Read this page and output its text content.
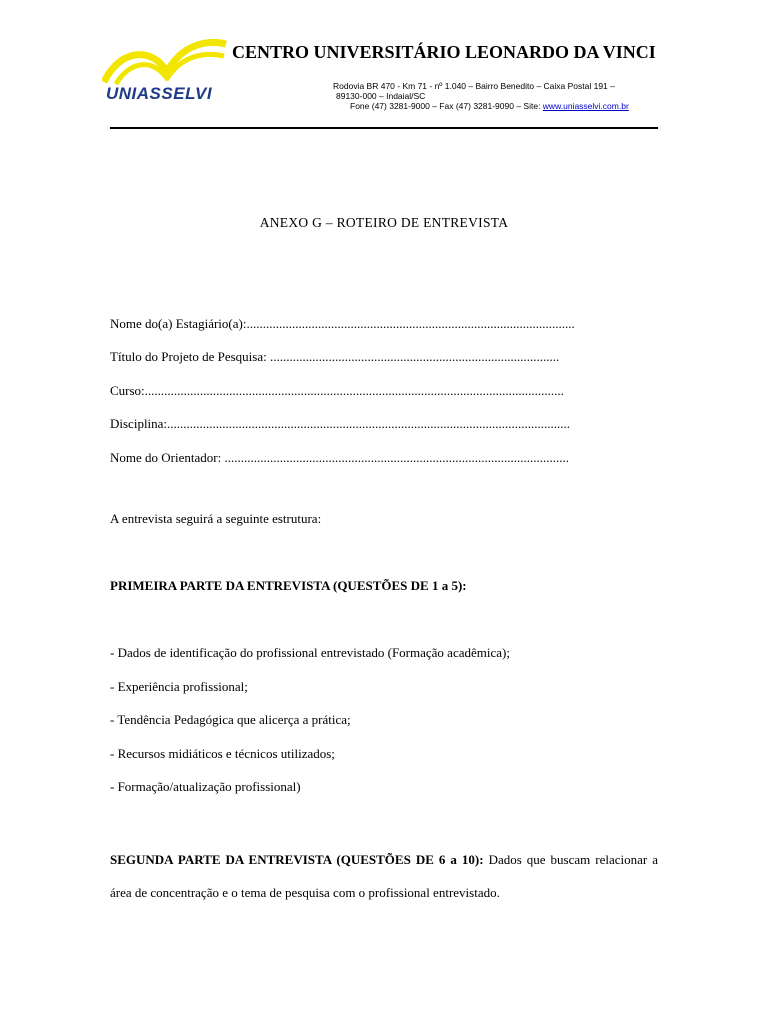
UNIASSELVI
CENTRO UNIVERSITÁRIO LEONARDO DA VINCI
Rodovia BR 470 - Km 71 - nº 1.040 – Bairro Benedito – Caixa Postal 191 –
89130-000 – Indaial/SC
Fone (47) 3281-9000 – Fax (47) 3281-9090 – Site: www.uniasselvi.com.br
ANEXO G – ROTEIRO DE ENTREVISTA
Nome do(a) Estagiário(a):.....................................................................................................
Título do Projeto de Pesquisa: .........................................................................................
Curso:.................................................................................................................................
Disciplina:............................................................................................................................
Nome do Orientador: ..........................................................................................................
A entrevista seguirá a seguinte estrutura:
PRIMEIRA PARTE DA ENTREVISTA (QUESTÕES DE 1 a 5):
- Dados de identificação do profissional entrevistado (Formação acadêmica);
- Experiência profissional;
- Tendência Pedagógica que alicerça a prática;
- Recursos midiáticos e técnicos utilizados;
- Formação/atualização profissional)
SEGUNDA PARTE DA ENTREVISTA (QUESTÕES DE 6 a 10): Dados que buscam relacionar a área de concentração e o tema de pesquisa com o profissional entrevistado.
